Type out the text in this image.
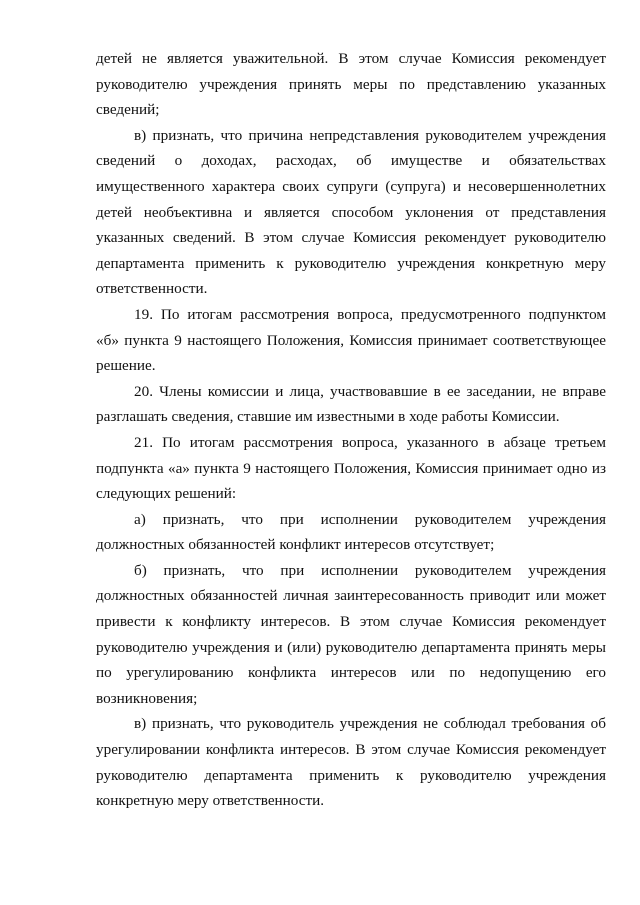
детей не является уважительной. В этом случае Комиссия рекомендует руководителю учреждения принять меры по представлению указанных сведений;

в) признать, что причина непредставления руководителем учреждения сведений о доходах, расходах, об имуществе и обязательствах имущественного характера своих супруги (супруга) и несовершеннолетних детей необъективна и является способом уклонения от представления указанных сведений. В этом случае Комиссия рекомендует руководителю департамента применить к руководителю учреждения конкретную меру ответственности.

19. По итогам рассмотрения вопроса, предусмотренного подпунктом «б» пункта 9 настоящего Положения, Комиссия принимает соответствующее решение.

20. Члены комиссии и лица, участвовавшие в ее заседании, не вправе разглашать сведения, ставшие им известными в ходе работы Комиссии.

21. По итогам рассмотрения вопроса, указанного в абзаце третьем подпункта «а» пункта 9 настоящего Положения, Комиссия принимает одно из следующих решений:

а) признать, что при исполнении руководителем учреждения должностных обязанностей конфликт интересов отсутствует;

б) признать, что при исполнении руководителем учреждения должностных обязанностей личная заинтересованность приводит или может привести к конфликту интересов. В этом случае Комиссия рекомендует руководителю учреждения и (или) руководителю департамента принять меры по урегулированию конфликта интересов или по недопущению его возникновения;

в) признать, что руководитель учреждения не соблюдал требования об урегулировании конфликта интересов. В этом случае Комиссия рекомендует руководителю департамента применить к руководителю учреждения конкретную меру ответственности.
